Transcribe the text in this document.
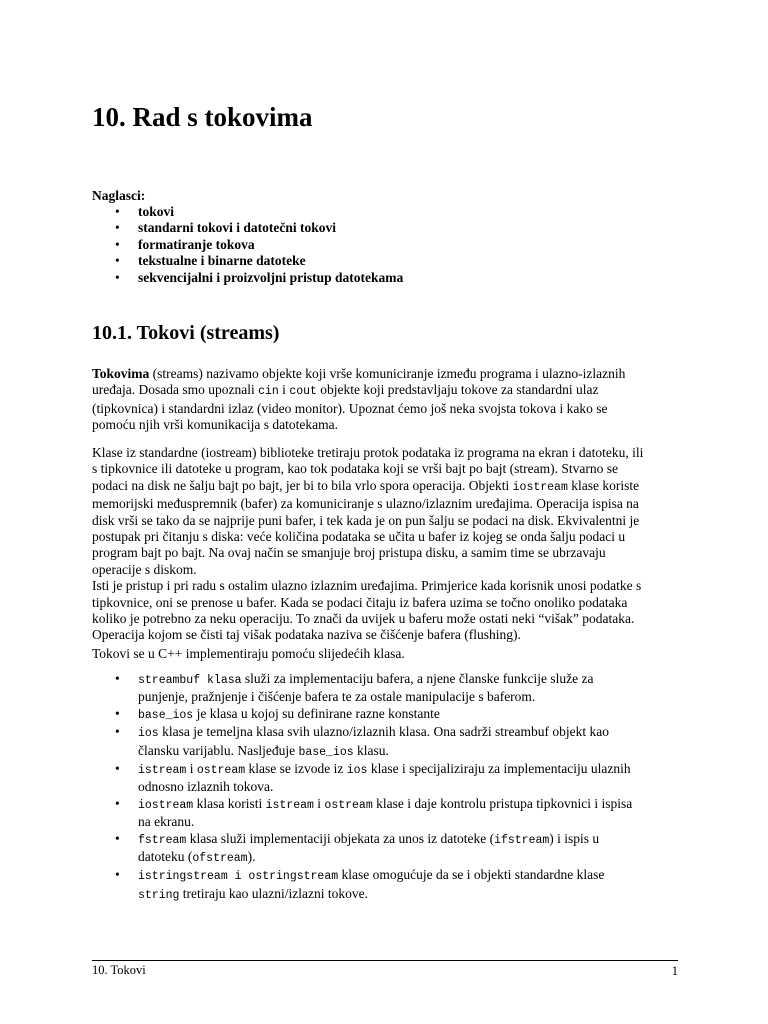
10. Rad s tokovima
Naglasci:
• tokovi
• standarni tokovi i datotečni tokovi
• formatiranje tokova
• tekstualne i binarne datoteke
• sekvencijalni i proizvoljni pristup datotekama
10.1. Tokovi (streams)
Tokovima (streams) nazivamo objekte koji vrše komuniciranje između programa i ulazno-izlaznih
uređaja. Dosada smo upoznali cin i cout objekte koji predstavljaju tokove za standardni ulaz
(tipkovnica) i standardni izlaz (video monitor). Upoznat ćemo još neka svojsta tokova i kako se
pomoću njih vrši komunikacija s datotekama.
Klase iz standardne (iostream) biblioteke tretiraju protok podataka iz programa na ekran i datoteku, ili
s tipkovnice ili datoteke u program, kao tok podataka koji se vrši bajt po bajt (stream). Stvarno se
podaci na disk ne šalju bajt po bajt, jer bi to bila vrlo spora operacija. Objekti iostream klase koriste
memorijski međuspremnik (bafer) za komuniciranje s ulazno/izlaznim uređajima. Operacija ispisa na
disk vrši se tako da se najprije puni bafer, i tek kada je on pun šalju se podaci na disk. Ekvivalentni je
postupak pri čitanju s diska: veće količina podataka se učita u bafer iz kojeg se onda šalju podaci u
program bajt po bajt. Na ovaj način se smanjuje broj pristupa disku, a samim time se ubrzavaju
operacije s diskom.
Isti je pristup i pri radu s ostalim ulazno izlaznim uređajima. Primjerice kada korisnik unosi podatke s
tipkovnice, oni se prenose u bafer. Kada se podaci čitaju iz bafera uzima se točno onoliko podataka
koliko je potrebno za neku operaciju. To znači da uvijek u baferu može ostati neki “višak” podataka.
Operacija kojom se čisti taj višak podataka naziva se čišćenje bafera (flushing).
Tokovi se u C++ implementiraju pomoću slijedećih klasa.
• streambuf klasa služi za implementaciju bafera, a njene članske funkcije služe za
punjenje, pražnjenje i čišćenje bafera te za ostale manipulacije s baferom.
• base_ios je klasa u kojoj su definirane razne konstante
• ios klasa je temeljna klasa svih ulazno/izlaznih klasa. Ona sadrži streambuf objekt kao
člansku varijablu. Nasljeđuje base_ios klasu.
• istream i ostream klase se izvode iz ios klase i specijaliziraju za implementaciju ulaznih
odnosno izlaznih tokova.
• iostream klasa koristi istream i ostream klase i daje kontrolu pristupa tipkovnici i ispisa
na ekranu.
• fstream klasa služi implementaciji objekata za unos iz datoteke (ifstream) i ispis u
datoteku (ofstream).
• istringstream i ostringstream klase omogućuje da se i objekti standardne klase
string tretiraju kao ulazni/izlazni tokove.
10. Tokovi	1
